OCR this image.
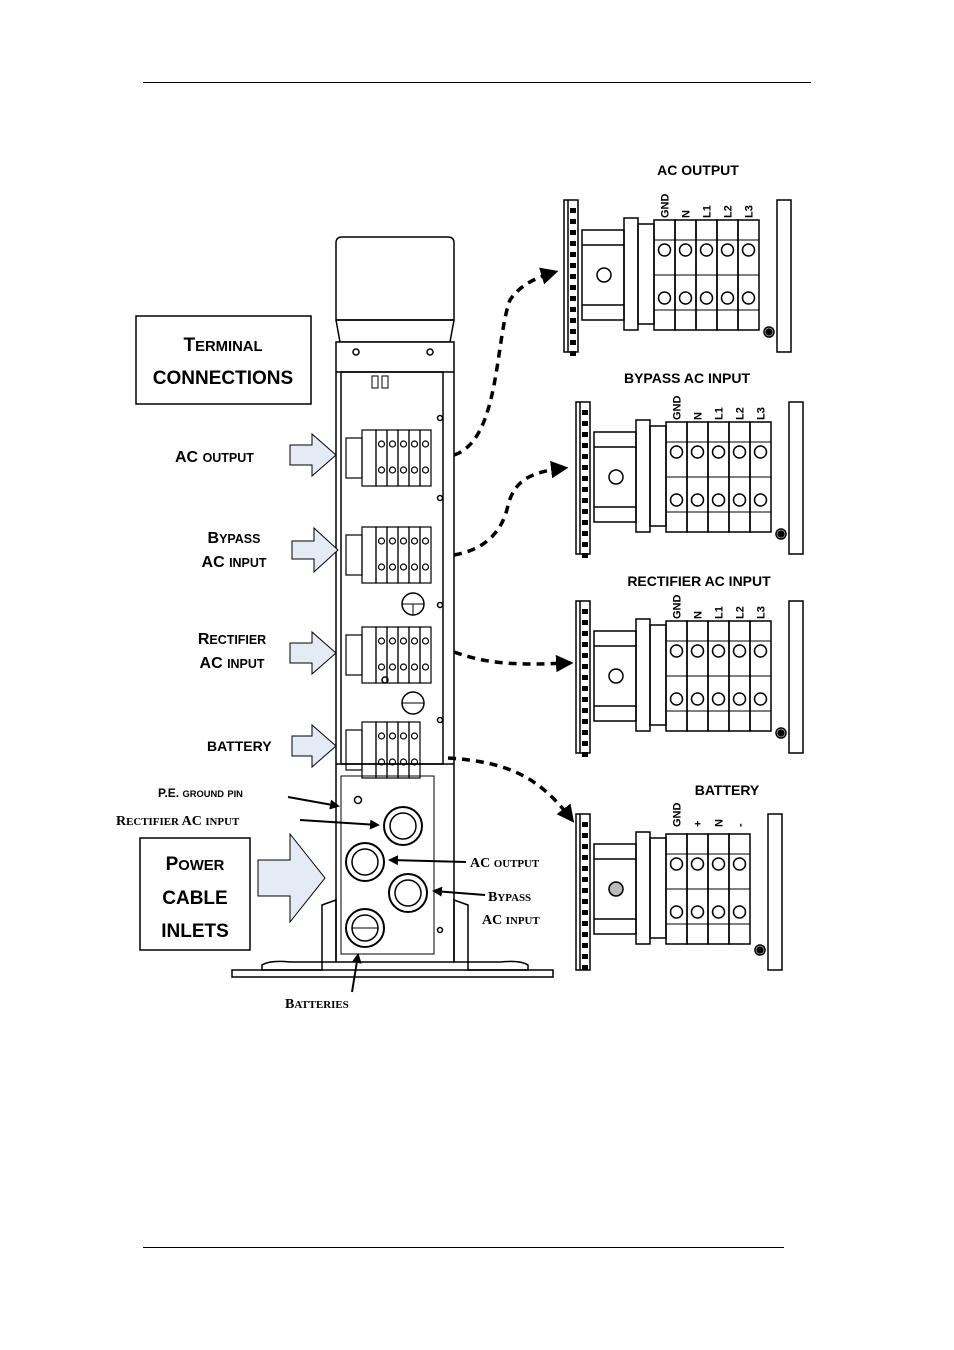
TERMINAL
CONNECTIONS
POWER
CABLE
INLETS
AC OUTPUT
BYPASS
AC INPUT
RECTIFIER
AC INPUT
BATTERY
P.E. GROUND PIN
RECTIFIER AC INPUT
AC OUTPUT
BYPASS
AC INPUT
BATTERIES
AC OUTPUT
GND N L1 L2 L3
BYPASS AC INPUT
GND N L1 L2 L3
RECTIFIER AC INPUT
GND N L1 L2 L3
BATTERY
GND + N -
